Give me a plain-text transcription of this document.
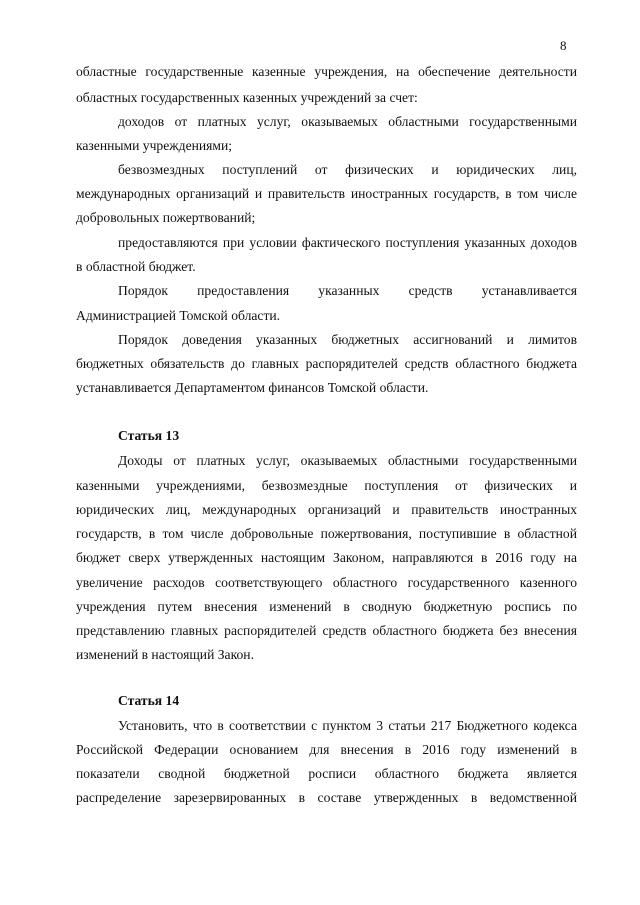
8
областные государственные казенные учреждения, на обеспечение деятельности
областных государственных казенных учреждений за счет:
доходов от платных услуг, оказываемых областными государственными
казенными учреждениями;
безвозмездных поступлений от физических и юридических лиц,
международных организаций и правительств иностранных государств, в том числе
добровольных пожертвований;
предоставляются при условии фактического поступления указанных доходов
в областной бюджет.
Порядок предоставления указанных средств устанавливается
Администрацией Томской области.
Порядок доведения указанных бюджетных ассигнований и лимитов
бюджетных обязательств до главных распорядителей средств областного бюджета
устанавливается Департаментом финансов Томской области.
Статья 13
Доходы от платных услуг, оказываемых областными государственными
казенными учреждениями, безвозмездные поступления от физических и
юридических лиц, международных организаций и правительств иностранных
государств, в том числе добровольные пожертвования, поступившие в областной
бюджет сверх утвержденных настоящим Законом, направляются в 2016 году на
увеличение расходов соответствующего областного государственного казенного
учреждения путем внесения изменений в сводную бюджетную роспись по
представлению главных распорядителей средств областного бюджета без внесения
изменений в настоящий Закон.
Статья 14
Установить, что в соответствии с пунктом 3 статьи 217 Бюджетного кодекса
Российской Федерации основанием для внесения в 2016 году изменений в
показатели сводной бюджетной росписи областного бюджета является
распределение зарезервированных в составе утвержденных в ведомственной
